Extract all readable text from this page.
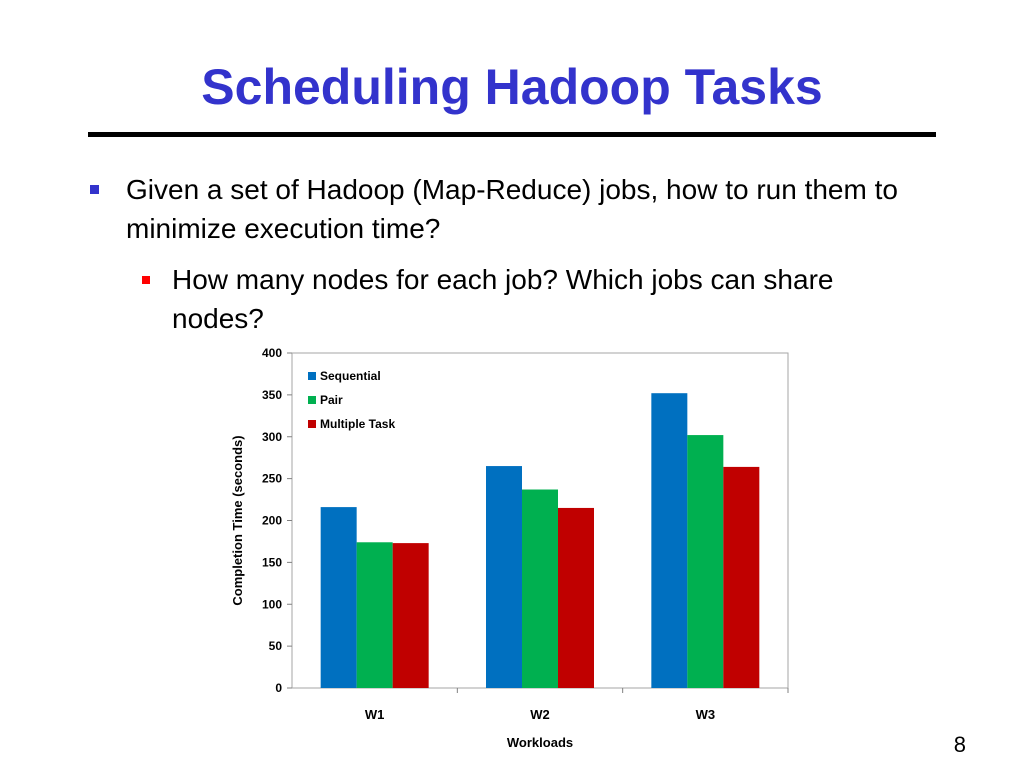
Scheduling Hadoop Tasks
Given a set of Hadoop (Map-Reduce) jobs, how to run them to minimize execution time?
How many nodes for each job? Which jobs can share nodes?
0
50
100
150
200
250
300
350
400
W1	W2	W3
Workloads
Completion Time (seconds)
Sequential
Pair
Multiple Task
8
